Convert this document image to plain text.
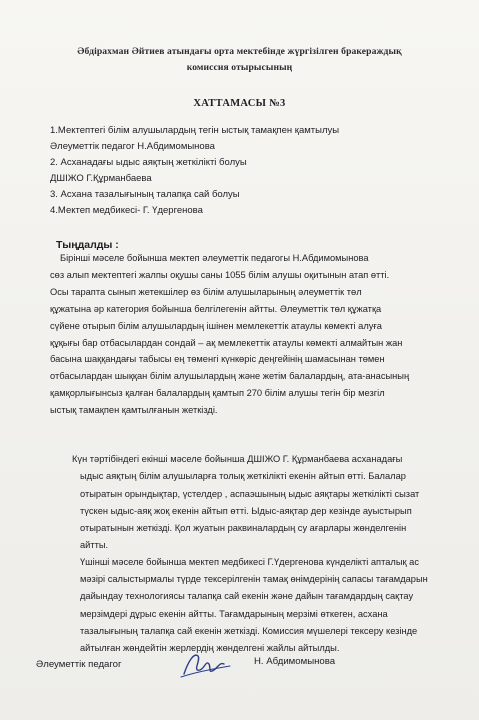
Әбдірахман Әйтиев атындағы орта мектебінде жүргізілген бракераждық
комиссия отырысының
ХАТТАМАСЫ №3
1.Мектептегі білім алушылардың тегін ыстық тамақпен қамтылуы
Әлеуметтік педагог Н.Абдимомынова
2. Асханадағы ыдыс аяқтың жеткілікті болуы
ДШІЖО Г.Құрманбаева
3. Асхана тазалығының талапқа сай болуы
4.Мектеп медбикесі- Г. Үдергенова
Тыңдалды :
Бірінші мәселе бойынша мектеп әлеуметтік педагогы Н.Абдимомынова
сөз алып мектептегі жалпы оқушы саны 1055 білім алушы оқитынын атап өтті.
Осы тарапта сынып жетекшілер өз білім алушыларының әлеуметтік төл
құжатына әр категория бойынша белгілегенін айтты. Әлеуметтік төл құжатқа
сүйене отырып білім алушылардың ішінен мемлекеттік атаулы көмекті алуға
құқығы бар отбасылардан сондай – ақ мемлекеттік атаулы көмекті алмайтын жан
басына шаққандағы табысы ең төменгі күнкөріс деңгейінің шамасынан төмен
отбасылардан шыққан білім алушылардың және жетім балалардың, ата-анасының
қамқорлығынсыз қалған балалардың қамтып 270 білім алушы тегін бір мезгіл
ыстық тамақпен қамтылғанын жеткізді.
Күн тәртібіндегі екінші мәселе бойынша ДШІЖО Г. Құрманбаева асханадағы
ыдыс аяқтың білім алушыларға толық жеткілікті екенін айтып өтті. Балалар
отыратын орындықтар, үстелдер , аспаэшының ыдыс аяқтары жеткілікті сызат
түскен ыдыс-аяқ жоқ екенін айтып өтті. Ыдыс-аяқтар дер кезінде ауыстырып
отыратынын жеткізді. Қол жуатын раквиналардың су ағарлары жөнделгенін
айтты.
Үшінші мәселе бойынша мектеп медбикесі Г.Үдергенова күнделікті апталық ас
мәзірі салыстырмалы түрде тексерілгенін тамақ өнімдерінің сапасы тағамдарын
дайындау технологиясы талапқа сай екенін және дайын тағамдардың сақтау
мерзімдері дұрыс екенін айтты. Тағамдарының мерзімі өткеген, асхана
тазалығының талапқа сай екенін жеткізді. Комиссия мүшелері тексеру кезінде
айтылған жөндейтін жерлердің жөнделгені жайлы айтылды.
Әлеуметтік педагог	Н. Абдимомынова
